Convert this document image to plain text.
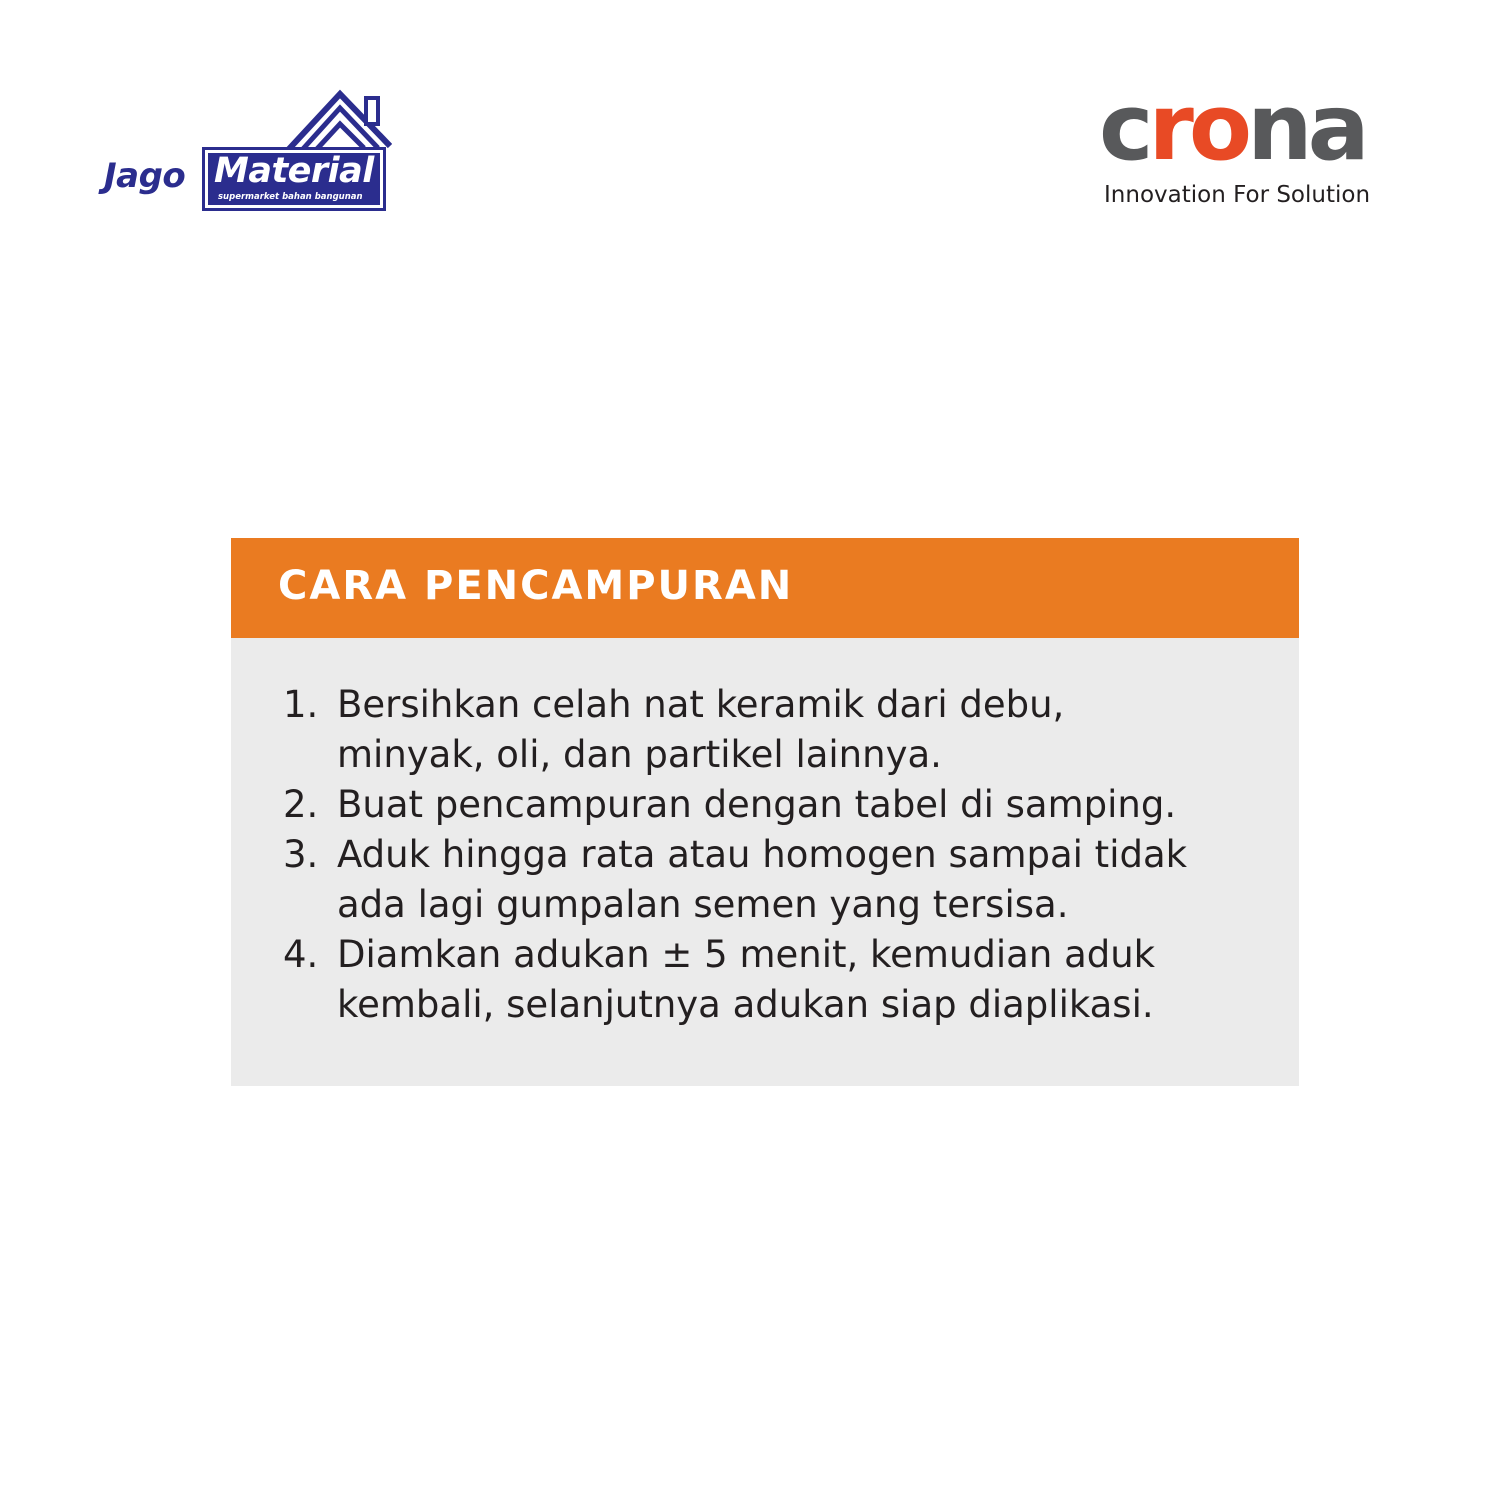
Jago Material
supermarket bahan bangunan
crona
Innovation For Solution
CARA PENCAMPURAN
1. Bersihkan celah nat keramik dari debu,
minyak, oli, dan partikel lainnya.
2. Buat pencampuran dengan tabel di samping.
3. Aduk hingga rata atau homogen sampai tidak
ada lagi gumpalan semen yang tersisa.
4. Diamkan adukan ± 5 menit, kemudian aduk
kembali, selanjutnya adukan siap diaplikasi.
